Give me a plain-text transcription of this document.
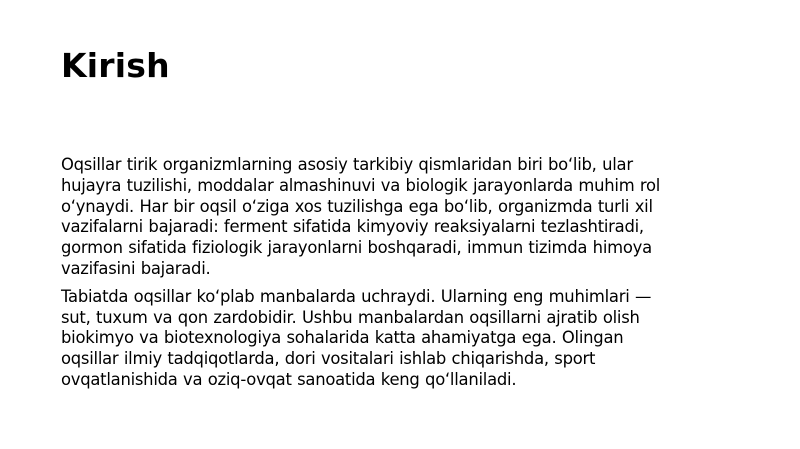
Kirish

Oqsillar tirik organizmlarning asosiy tarkibiy qismlaridan biri bo‘lib, ular
hujayra tuzilishi, moddalar almashinuvi va biologik jarayonlarda muhim rol
o‘ynaydi. Har bir oqsil o‘ziga xos tuzilishga ega bo‘lib, organizmda turli xil
vazifalarni bajaradi: ferment sifatida kimyoviy reaksiyalarni tezlashtiradi,
gormon sifatida fiziologik jarayonlarni boshqaradi, immun tizimda himoya
vazifasini bajaradi.

Tabiatda oqsillar ko‘plab manbalarda uchraydi. Ularning eng muhimlari —
sut, tuxum va qon zardobidir. Ushbu manbalardan oqsillarni ajratib olish
biokimyo va biotexnologiya sohalarida katta ahamiyatga ega. Olingan
oqsillar ilmiy tadqiqotlarda, dori vositalari ishlab chiqarishda, sport
ovqatlanishida va oziq-ovqat sanoatida keng qo‘llaniladi.
